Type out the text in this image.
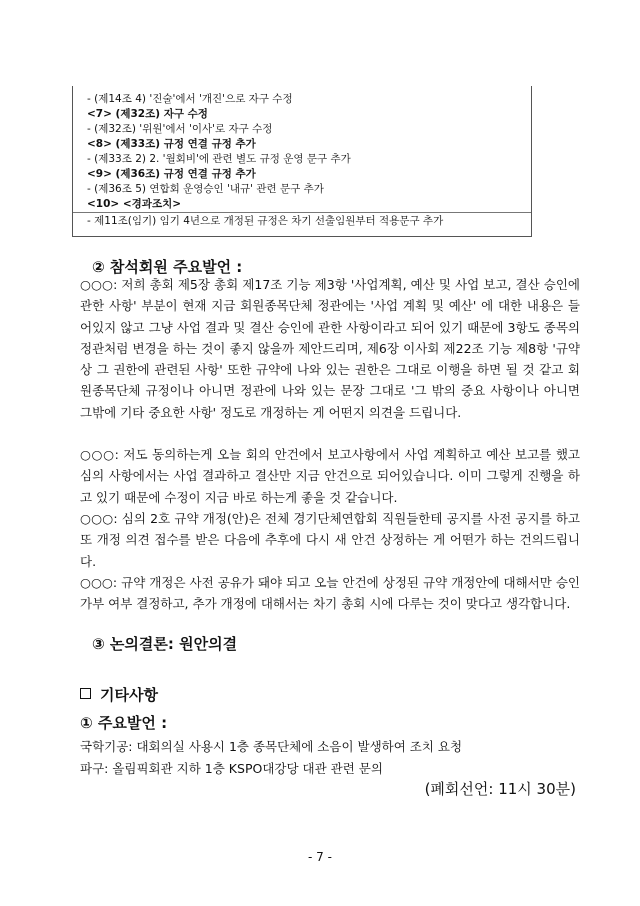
- (제14조 4) '진술'에서 '개진'으로 자구 수정
<7> (제32조) 자구 수정
- (제32조) '위원'에서 '이사'로 자구 수정
<8> (제33조) 규정 연결 규정 추가
- (제33조 2) 2. '월회비'에 관련 별도 규정 운영 문구 추가
<9> (제36조) 규정 연결 규정 추가
- (제36조 5) 연합회 운영승인 '내규' 관련 문구 추가
<10> <경과조치>
- 제11조(임기) 임기 4년으로 개정된 규정은 차기 선출임원부터 적용문구 추가
② 참석회원 주요발언 :
○○○: 저희 총회 제5장 총회 제17조 기능 제3항 '사업계획, 예산 및 사업 보고, 결산 승인에 관한 사항' 부분이 현재 지금 회원종목단체 정관에는 '사업 계획 및 예산' 에 대한 내용은 들어있지 않고 그냥 사업 결과 및 결산 승인에 관한 사항이라고 되어 있기 때문에 3항도 종목의 정관처럼 변경을 하는 것이 좋지 않을까 제안드리며, 제6장 이사회 제22조 기능 제8항 '규약 상 그 권한에 관련된 사항' 또한 규약에 나와 있는 권한은 그대로 이행을 하면 될 것 같고 회원종목단체 규정이나 아니면 정관에 나와 있는 문장 그대로 '그 밖의 중요 사항이나 아니면 그밖에 기타 중요한 사항' 정도로 개정하는 게 어떤지 의견을 드립니다.
○○○: 저도 동의하는게 오늘 회의 안건에서 보고사항에서 사업 계획하고 예산 보고를 했고 심의 사항에서는 사업 결과하고 결산만 지금 안건으로 되어있습니다. 이미 그렇게 진행을 하고 있기 때문에 수정이 지금 바로 하는게 좋을 것 같습니다.
○○○: 심의 2호 규약 개정(안)은 전체 경기단체연합회 직원들한테 공지를 사전 공지를 하고 또 개정 의견 접수를 받은 다음에 추후에 다시 새 안건 상정하는 게 어떤가 하는 건의드립니다.
○○○: 규약 개정은 사전 공유가 돼야 되고 오늘 안건에 상정된 규약 개정안에 대해서만 승인 가부 여부 결정하고, 추가 개정에 대해서는 차기 총회 시에 다루는 것이 맞다고 생각합니다.
③ 논의결론: 원안의결
기타사항
① 주요발언 :
국학기공: 대회의실 사용시 1층 종목단체에 소음이 발생하여 조치 요청
파구: 올림픽회관 지하 1층 KSPO대강당 대관 관련 문의
(폐회선언: 11시 30분)
- 7 -
